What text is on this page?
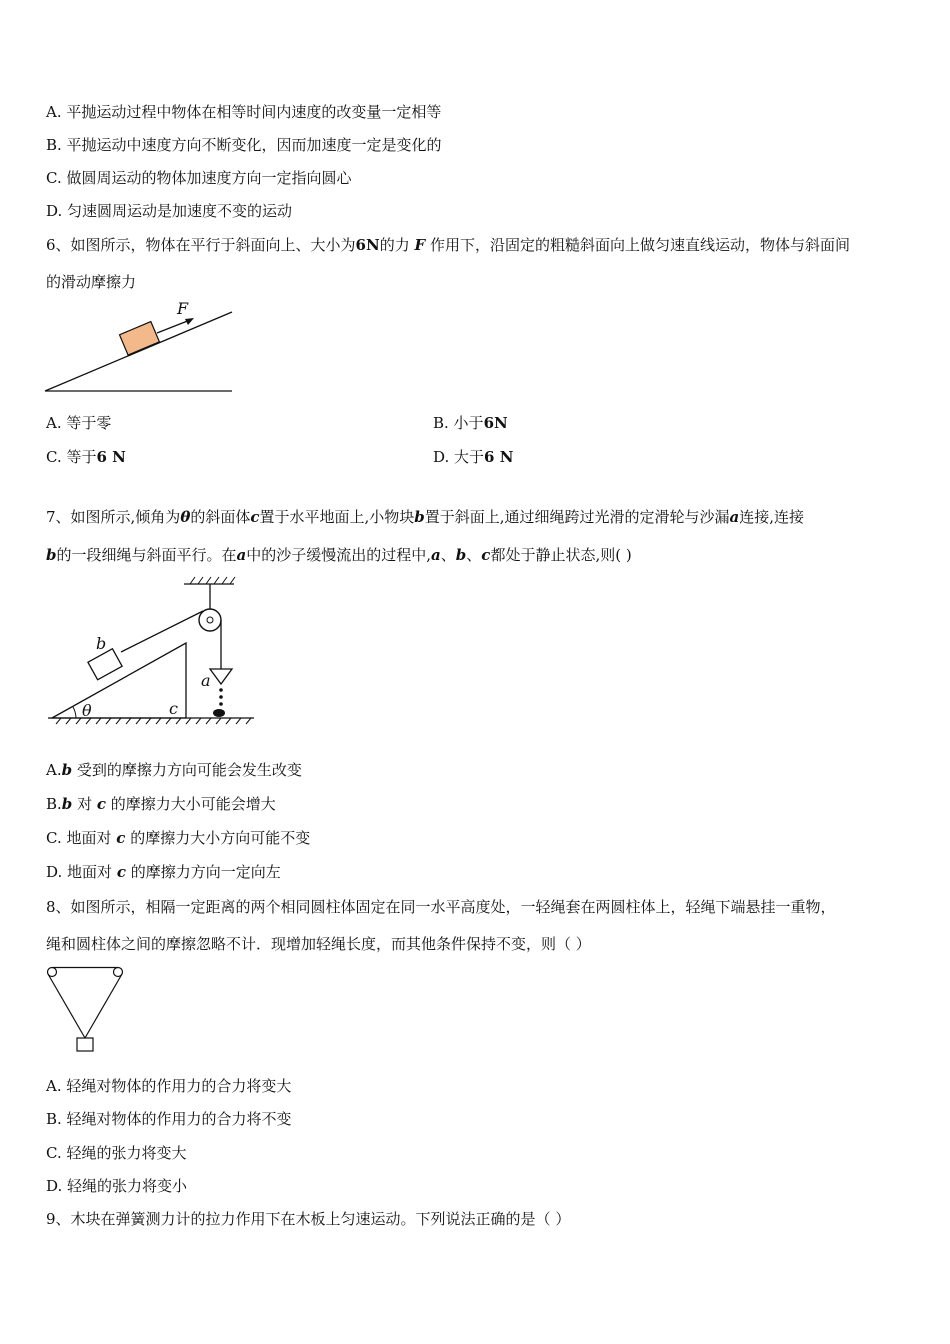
A. 平抛运动过程中物体在相等时间内速度的改变量一定相等
B. 平抛运动中速度方向不断变化，因而加速度一定是变化的
C. 做圆周运动的物体加速度方向一定指向圆心
D. 匀速圆周运动是加速度不变的运动
6、如图所示，物体在平行于斜面向上、大小为6N的力 F 作用下，沿固定的粗糙斜面向上做匀速直线运动，物体与斜面间
的滑动摩擦力
F
A. 等于零	B. 小于6N
C. 等于6 N	D. 大于6 N
7、如图所示,倾角为θ的斜面体c置于水平地面上,小物块b置于斜面上,通过细绳跨过光滑的定滑轮与沙漏a连接,连接
b的一段细绳与斜面平行。在a中的沙子缓慢流出的过程中,a、b、c都处于静止状态,则( )
b
a
θ	c
A.b 受到的摩擦力方向可能会发生改变
B.b 对 c 的摩擦力大小可能会增大
C. 地面对 c 的摩擦力大小方向可能不变
D. 地面对 c 的摩擦力方向一定向左
8、如图所示，相隔一定距离的两个相同圆柱体固定在同一水平高度处，一轻绳套在两圆柱体上，轻绳下端悬挂一重物，
绳和圆柱体之间的摩擦忽略不计．现增加轻绳长度，而其他条件保持不变，则（ ）
A. 轻绳对物体的作用力的合力将变大
B. 轻绳对物体的作用力的合力将不变
C. 轻绳的张力将变大
D. 轻绳的张力将变小
9、木块在弹簧测力计的拉力作用下在木板上匀速运动。下列说法正确的是（ ）
